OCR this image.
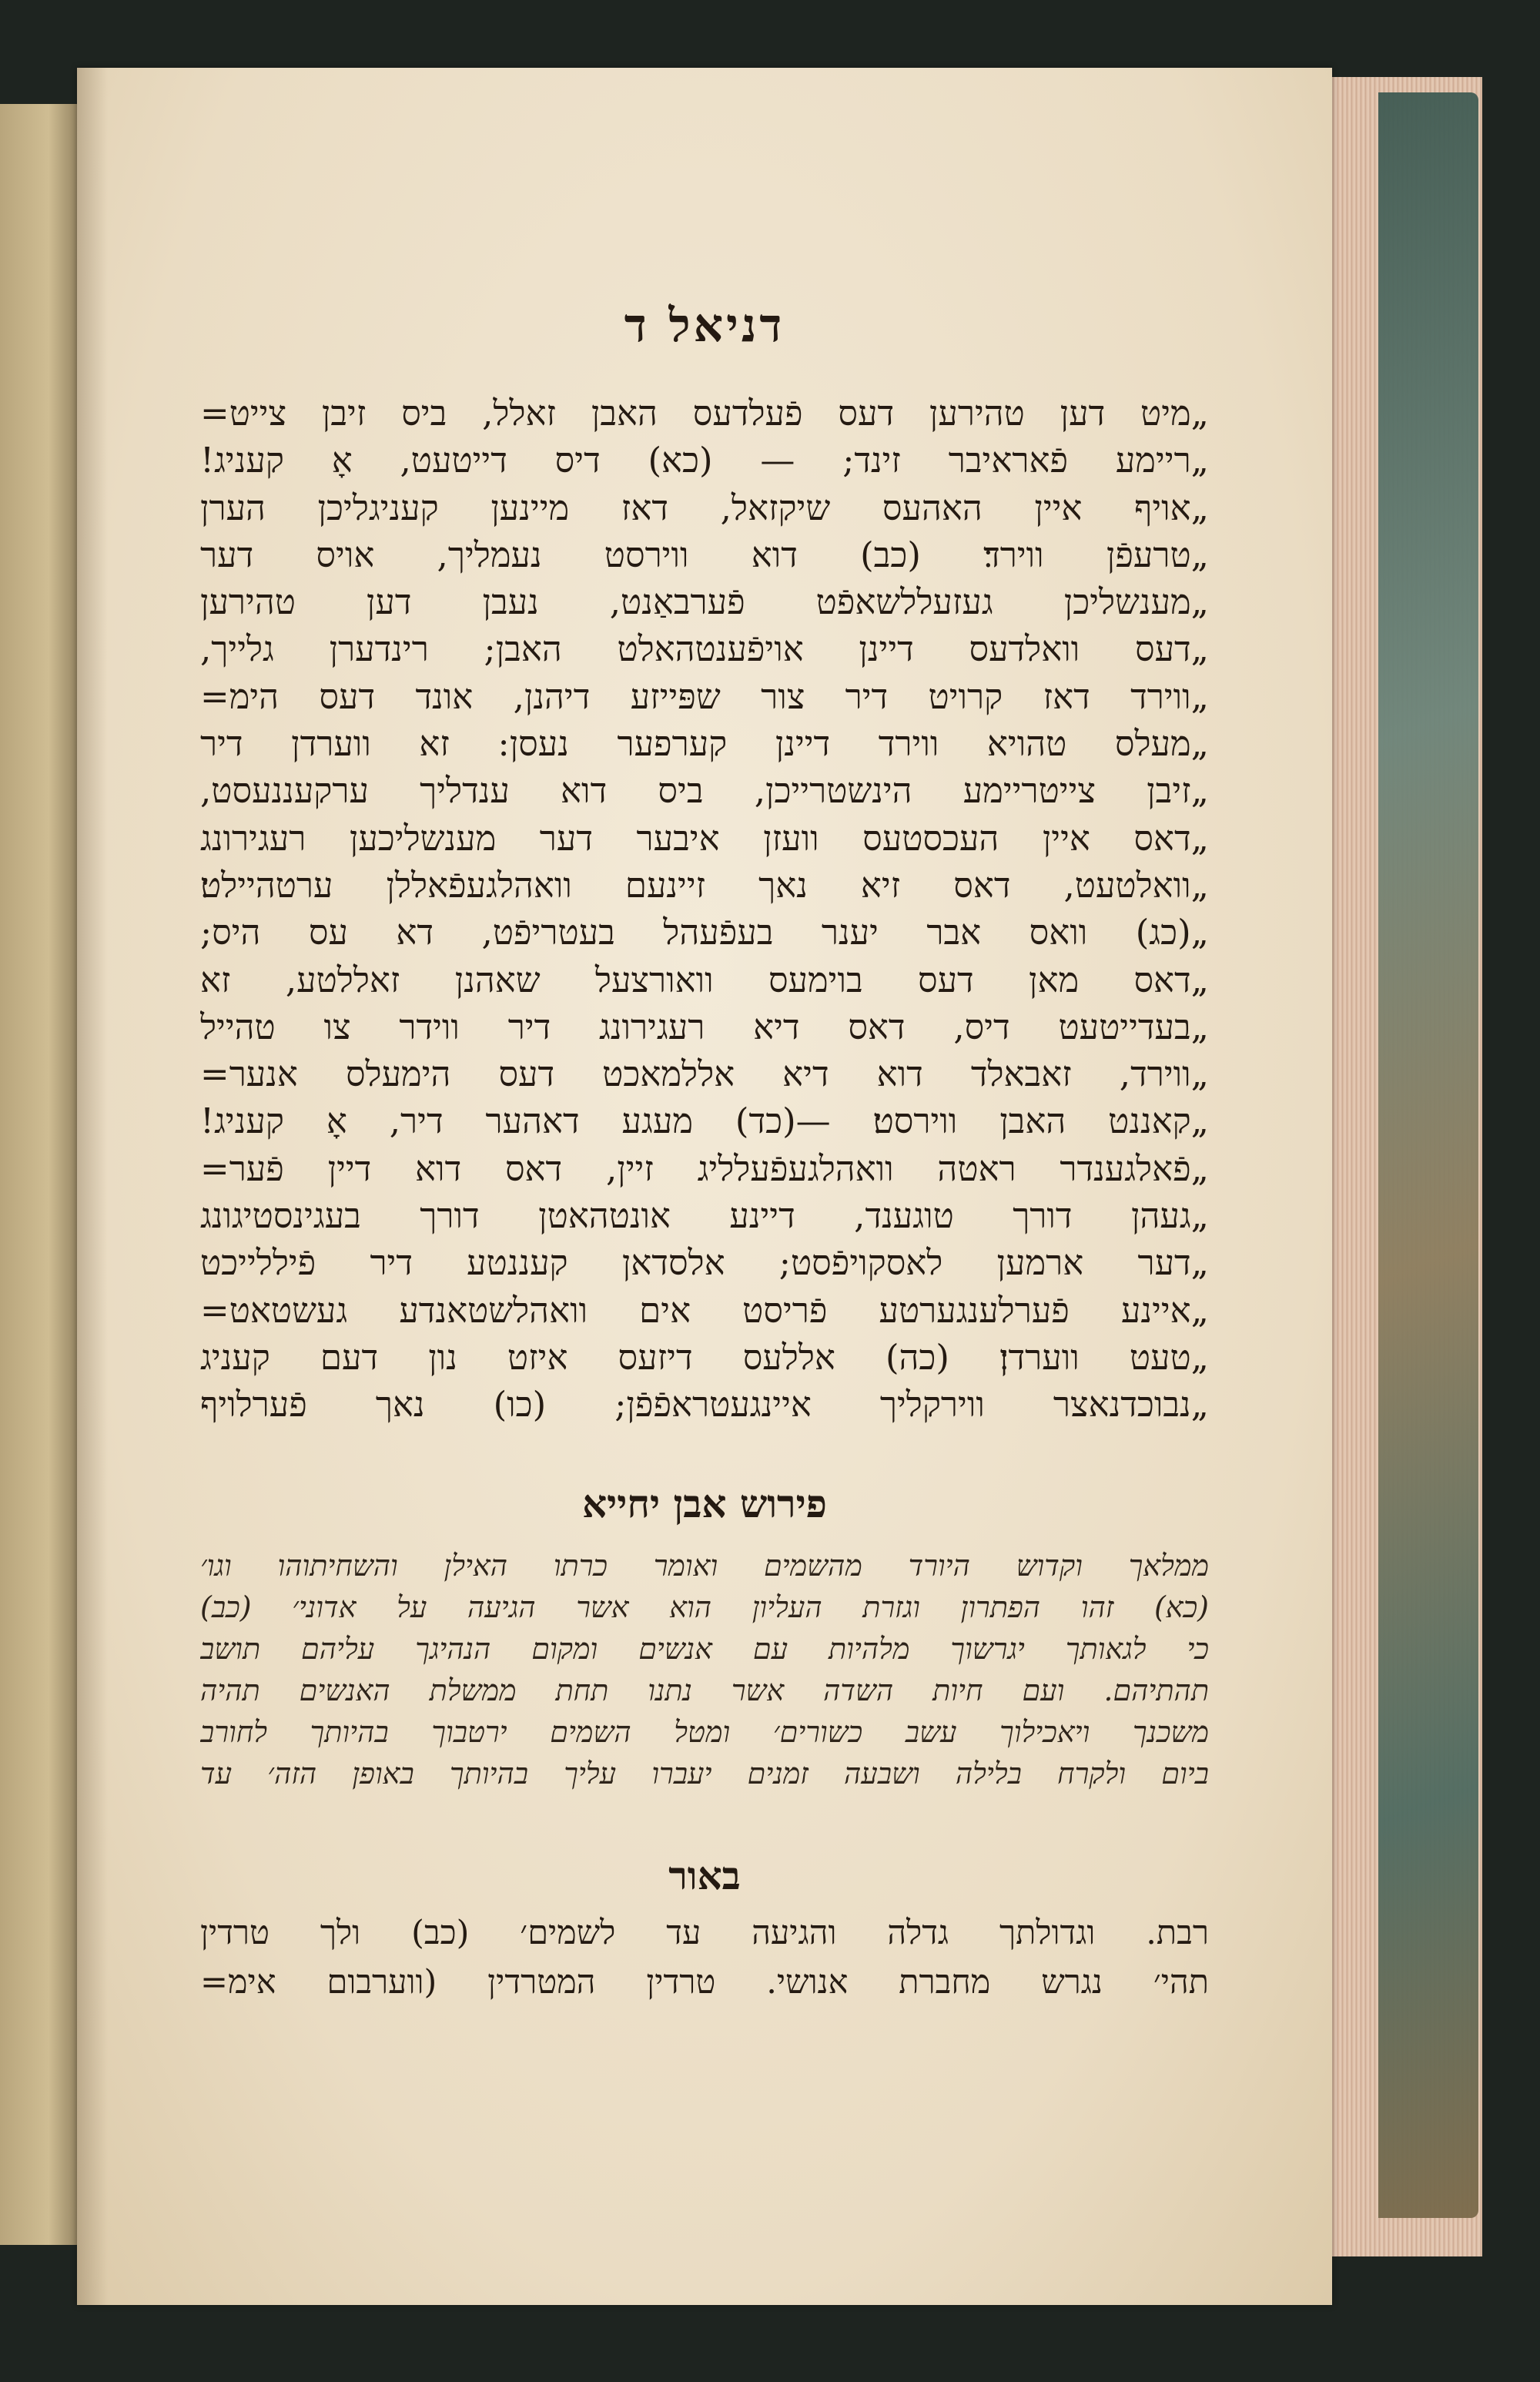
דניאל ד
„מיט דען טהירען דעס פֿעלדעס האבן זאלל, ביס זיבן צייט=
„ריימע פֿאראיבר זינד; — (כא) דיס דייטעט, אָ קעניג!
„אויף איין האהעס שיקזאל, דאז מיינען קעניגליכן הערן
„טרעפֿן ווירד׃ (כב) דוא ווירסט נעמליך, אויס דער
„מענשליכן געזעללשאפֿט פֿערבאַנט, נעבן דען טהירען
„דעס וואלדעס דיינן אויפֿענטהאלט האבן; רינדערן גלייך,
„ווירד דאז קרויט דיר צור שפּייזע דיהנן, אונד דעס הימ=
„מעלס טהויא ווירד דיינן קערפער נעסן: זא ווערדן דיר
„זיבן צייטריימע הינשטרייכן, ביס דוא ענדליך ערקעננעסט,
„דאס איין העכסטעס וועזן איבער דער מענשליכען רעגירונג
„וואלטעט, דאס זיא נאך זיינעם וואהלגעפֿאללן ערטהיילט׃
„(כג) וואס אבר יענר בעפֿעהל בעטריפֿט, דא עס היס;
„דאס מאן דעס בוימעס וואורצעל שאהנן זאללטע, זא
„בעדייטעט דיס, דאס דיא רעגירונג דיר ווידר צו טהייל
„ווירד, זאבאלד דוא דיא אללמאכט דעס הימעלס אנער=
„קאננט האבן ווירסט׃ —(כד) מעגע דאהער דיר, אָ קעניג!
„פֿאלגענדר ראטה וואהלגעפֿעלליג זיין, דאס דוא דיין פֿער=
„געהן דורך טוגענד, דיינע אונטהאטן דורך בעגינסטיגונג
„דער ארמען לאסקויפֿסט; אלסדאן קעננטע דיר פֿיללייכט
„איינע פֿערלענגערטע פֿריסט אים וואהלשטאנדע געשטאט=
„טעט ווערדן׃ (כה) אללעס דיזעס איזט נון דעם קעניג
„נבוכדנאצר ווירקליך איינגעטראפֿפֿן; (כו) נאך פֿערלויף
פירוש אבן יחייא
ממלאך וקדוש היורד מהשמים ואומר כרתו האילן והשחיתוהו וגו׳
(כא) זהו הפתרון וגזרת העליון הוא אשר הגיעה על אדוני׳ (כב)
כי לגאותך יגרשוך מלהיות עם אנשים ומקום הנהיגך עליהם תושב
תהתיהם. ועם חיות השדה אשר נתנו תחת ממשלת האנשים תהיה
משכנך ויאכילוך עשב כשורים׳ ומטל השמים ירטבוך בהיותך לחורב
ביום ולקרח בלילה ושבעה זמנים יעברו עליך בהיותך באופן הזה׳ עד
באור
רבת. וגדולתך גדלה והגיעה עד לשמים׳ (כב) ולך טרדין
תהי׳ נגרש מחברת אנושי. טרדין המטרדין (ווערבום אימ=
